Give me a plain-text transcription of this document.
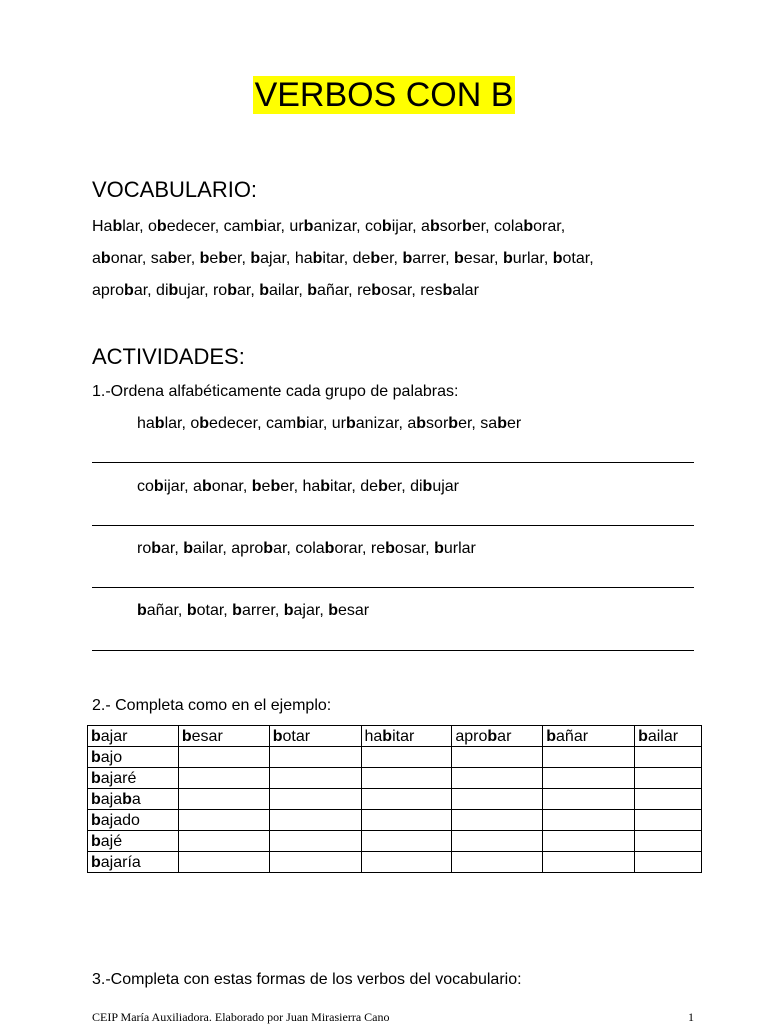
VERBOS CON B
VOCABULARIO:
Hablar, obedecer, cambiar, urbanizar, cobijar, absorber, colaborar,
abonar, saber, beber, bajar, habitar, deber, barrer, besar, burlar, botar,
aprobar, dibujar, robar, bailar, bañar, rebosar, resbalar
ACTIVIDADES:
1.-Ordena alfabéticamente cada grupo de palabras:
hablar, obedecer, cambiar, urbanizar, absorber, saber
cobijar, abonar, beber, habitar, deber, dibujar
robar, bailar, aprobar, colaborar, rebosar, burlar
bañar, botar, barrer, bajar, besar
2.- Completa como en el ejemplo:
bajar	besar	botar	habitar	aprobar	bañar	bailar
bajo						
bajaré						
bajaba						
bajado						
bajé						
bajaría						
3.-Completa con estas formas de los verbos del vocabulario:
CEIP María Auxiliadora. Elaborado por Juan Mirasierra Cano	1
